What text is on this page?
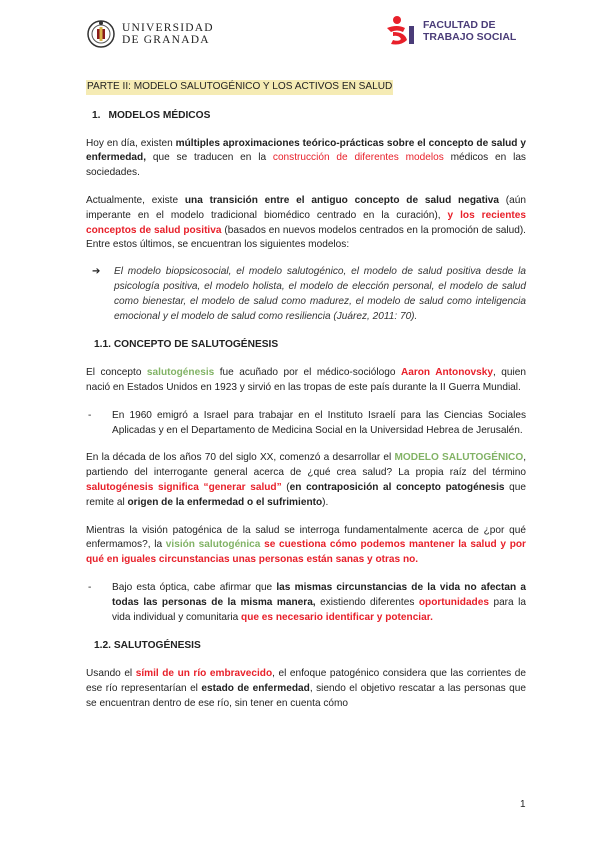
UNIVERSIDAD
DE GRANADA
FACULTAD DE
TRABAJO SOCIAL
PARTE II: MODELO SALUTOGÉNICO Y LOS ACTIVOS EN SALUD
1. MODELOS MÉDICOS

Hoy en día, existen múltiples aproximaciones teórico-prácticas sobre el concepto de salud y enfermedad, que se traducen en la construcción de diferentes modelos médicos en las sociedades.

Actualmente, existe una transición entre el antiguo concepto de salud negativa (aún imperante en el modelo tradicional biomédico centrado en la curación), y los recientes conceptos de salud positiva (basados en nuevos modelos centrados en la promoción de salud). Entre estos últimos, se encuentran los siguientes modelos:

➔	El modelo biopsicosocial, el modelo salutogénico, el modelo de salud positiva desde la psicología positiva, el modelo holista, el modelo de elección personal, el modelo de salud como bienestar, el modelo de salud como madurez, el modelo de salud como inteligencia emocional y el modelo de salud como resiliencia (Juárez, 2011: 70).

1.1. CONCEPTO DE SALUTOGÉNESIS

El concepto salutogénesis fue acuñado por el médico-sociólogo Aaron Antonovsky, quien nació en Estados Unidos en 1923 y sirvió en las tropas de este país durante la II Guerra Mundial.

-	En 1960 emigró a Israel para trabajar en el Instituto Israelí para las Ciencias Sociales Aplicadas y en el Departamento de Medicina Social en la Universidad Hebrea de Jerusalén.

En la década de los años 70 del siglo XX, comenzó a desarrollar el MODELO SALUTOGÉNICO, partiendo del interrogante general acerca de ¿qué crea salud? La propia raíz del término salutogénesis significa “generar salud” (en contraposición al concepto patogénesis que remite al origen de la enfermedad o el sufrimiento).

Mientras la visión patogénica de la salud se interroga fundamentalmente acerca de ¿por qué enfermamos?, la visión salutogénica se cuestiona cómo podemos mantener la salud y por qué en iguales circunstancias unas personas están sanas y otras no.

-	Bajo esta óptica, cabe afirmar que las mismas circunstancias de la vida no afectan a todas las personas de la misma manera, existiendo diferentes oportunidades para la vida individual y comunitaria que es necesario identificar y potenciar.

1.2. SALUTOGÉNESIS

Usando el símil de un río embravecido, el enfoque patogénico considera que las corrientes de ese río representarían el estado de enfermedad, siendo el objetivo rescatar a las personas que se encuentran dentro de ese río, sin tener en cuenta cómo

1
